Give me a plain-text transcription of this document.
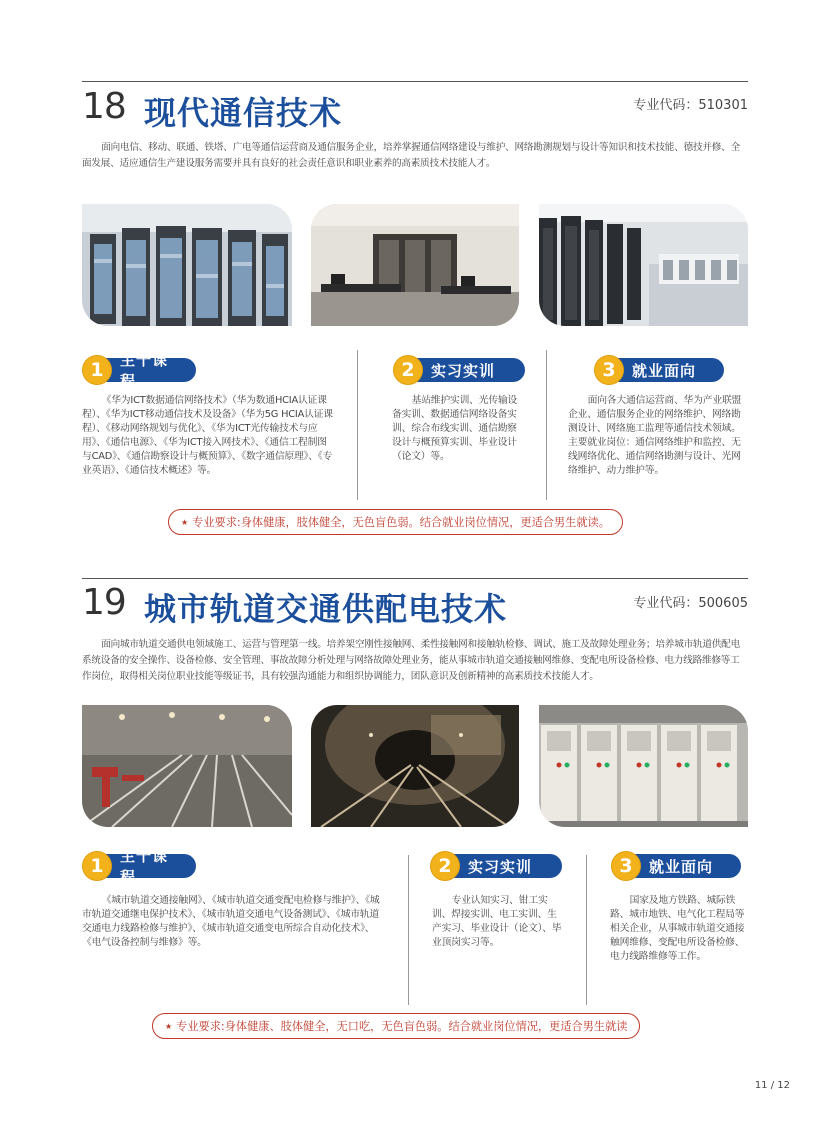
18 现代通信技术	专业代码：510301
面向电信、移动、联通、铁塔、广电等通信运营商及通信服务企业，培养掌握通信网络建设与维护、网络勘测规划与设计等知识和技术技能、德技并修、全面发展、适应通信生产建设服务需要并具有良好的社会责任意识和职业素养的高素质技术技能人才。
1	主干课程	2	实习实训	3	就业面向
《华为ICT数据通信网络技术》（华为数通HCIA认证课程）、《华为ICT移动通信技术及设备》（华为5G HCIA认证课程）、《移动网络规划与优化》、《华为ICT光传输技术与应用》、《通信电源》、《华为ICT接入网技术》、《通信工程制图与CAD》、《通信勘察设计与概预算》、《数字通信原理》、《专业英语》、《通信技术概述》等。
基站维护实训、光传输设备实训、数据通信网络设备实训、综合布线实训、通信勘察设计与概预算实训、毕业设计（论文）等。
面向各大通信运营商、华为产业联盟企业、通信服务企业的网络维护、网络勘测设计、网络施工监理等通信技术领域。主要就业岗位：通信网络维护和监控、无线网络优化、通信网络勘测与设计、光网络维护、动力维护等。
★ 专业要求:身体健康，肢体健全，无色盲色弱。结合就业岗位情况，更适合男生就读。
19 城市轨道交通供配电技术	专业代码：500605
面向城市轨道交通供电领域施工、运营与管理第一线。培养架空刚性接触网、柔性接触网和接触轨检修、调试、施工及故障处理业务；培养城市轨道供配电系统设备的安全操作、设备检修、安全管理、事故故障分析处理与网络故障处理业务，能从事城市轨道交通接触网维修、变配电所设备检修、电力线路维修等工作岗位，取得相关岗位职业技能等级证书，具有较强沟通能力和组织协调能力，团队意识及创新精神的高素质技术技能人才。
1	主干课程	2	实习实训	3	就业面向
《城市轨道交通接触网》、《城市轨道交通变配电检修与维护》、《城市轨道交通继电保护技术》、《城市轨道交通电气设备测试》、《城市轨道交通电力线路检修与维护》、《城市轨道交通变电所综合自动化技术》、《电气设备控制与维修》等。
专业认知实习、钳工实训、焊接实训、电工实训、生产实习、毕业设计（论文）、毕业顶岗实习等。
国家及地方铁路、城际铁路、城市地铁、电气化工程局等相关企业，从事城市轨道交通接触网维修、变配电所设备检修、电力线路维修等工作。
★ 专业要求:身体健康、肢体健全，无口吃，无色盲色弱。结合就业岗位情况，更适合男生就读
11 / 12
